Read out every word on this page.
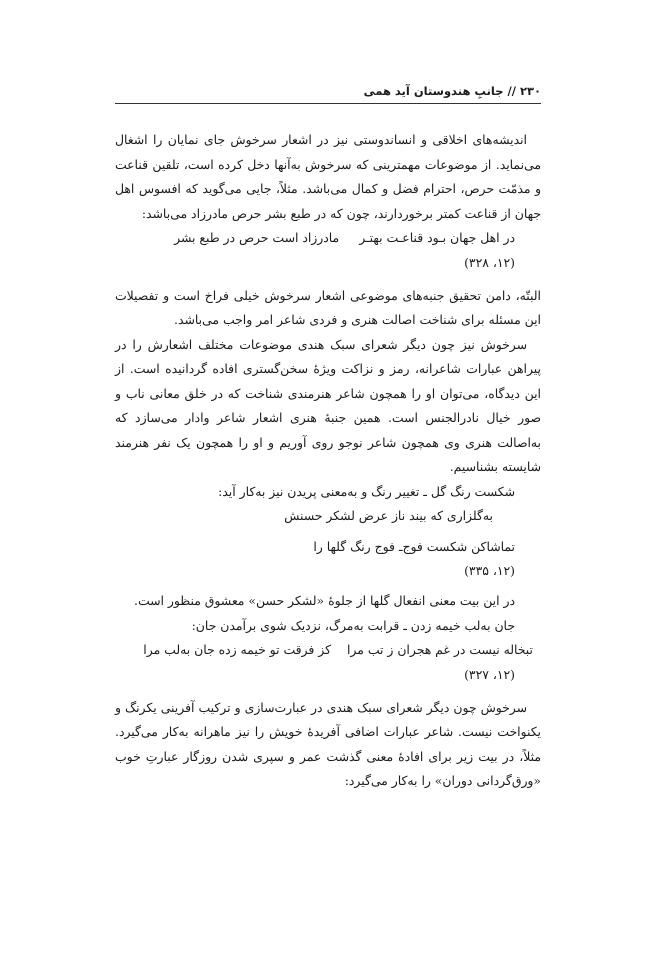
۲۳۰ // جانبِ هندوستان آید همی

اندیشه‌های اخلاقی و انساندوستی نیز در اشعار سرخوش جای نمایان را اشغال می‌نماید. از موضوعات مهمترینی که سرخوش به‌آنها دخل کرده است، تلقین قناعت و مذمّت حرص، احترام فضل و کمال می‌باشد. مثلاً، جایی می‌گوید که افسوس اهل جهان از قناعت کمتر برخوردارند، چون که در طبع بشر حرص مادرزاد می‌باشد:

در اهل جهان بـود قناعـت بهتـر
مادرزاد است حرص در طبع بشر
(۱۲، ۳۲۸)

البتّه، دامن تحقیق جنبه‌های موضوعی اشعار سرخوش خیلی فراخ است و تفصیلات این مسئله برای شناخت اصالت هنری و فردی شاعر امر واجب می‌باشد.

سرخوش نیز چون دیگر شعرای سبک هندی موضوعات مختلف اشعارش را در پیراهن عبارات شاعرانه، رمز و نزاکت ویژهٔ سخن‌گستری افاده گردانیده است. از این دیدگاه، می‌توان او را همچون شاعر هنرمندی شناخت که در خلق معانی ناب و صور خیال نادرالجنس است. همین جنبهٔ هنری اشعار شاعر وادار می‌سازد که به‌اصالت هنری وی همچون شاعر نوجو روی آوریم و او را همچون یک نفر هنرمند شایسته بشناسیم.

شکست رنگ گل ـ تغییر رنگ و به‌معنی پریدن نیز به‌کار آید:
به‌گلزاری که بیند ناز عرض لشکر حسنش
تماشاکن شکست فوج‌ـ فوج رنگ گلها را
(۱۲، ۳۳۵)
در این بیت معنی انفعال گلها از جلوهٔ «لشکر حسن» معشوق منظور است.
جان به‌لب خیمه زدن ـ قرابت به‌مرگ، نزدیک شوی برآمدن جان:
تبخاله نیست در غم هجران ز تب مرا
کز فرقت تو خیمه زده جان به‌لب مرا
(۱۲، ۳۲۷)

سرخوش چون دیگر شعرای سبک هندی در عبارت‌سازی و ترکیب آفرینی یکرنگ و یکنواخت نیست. شاعر عبارات اضافی آفریدهٔ خویش را نیز ماهرانه به‌کار می‌گیرد. مثلاً، در بیت زیر برای افادهٔ معنی گذشت عمر و سپری شدن روزگار عبارتِ خوب «ورق‌گردانی دوران» را به‌کار می‌گیرد:
